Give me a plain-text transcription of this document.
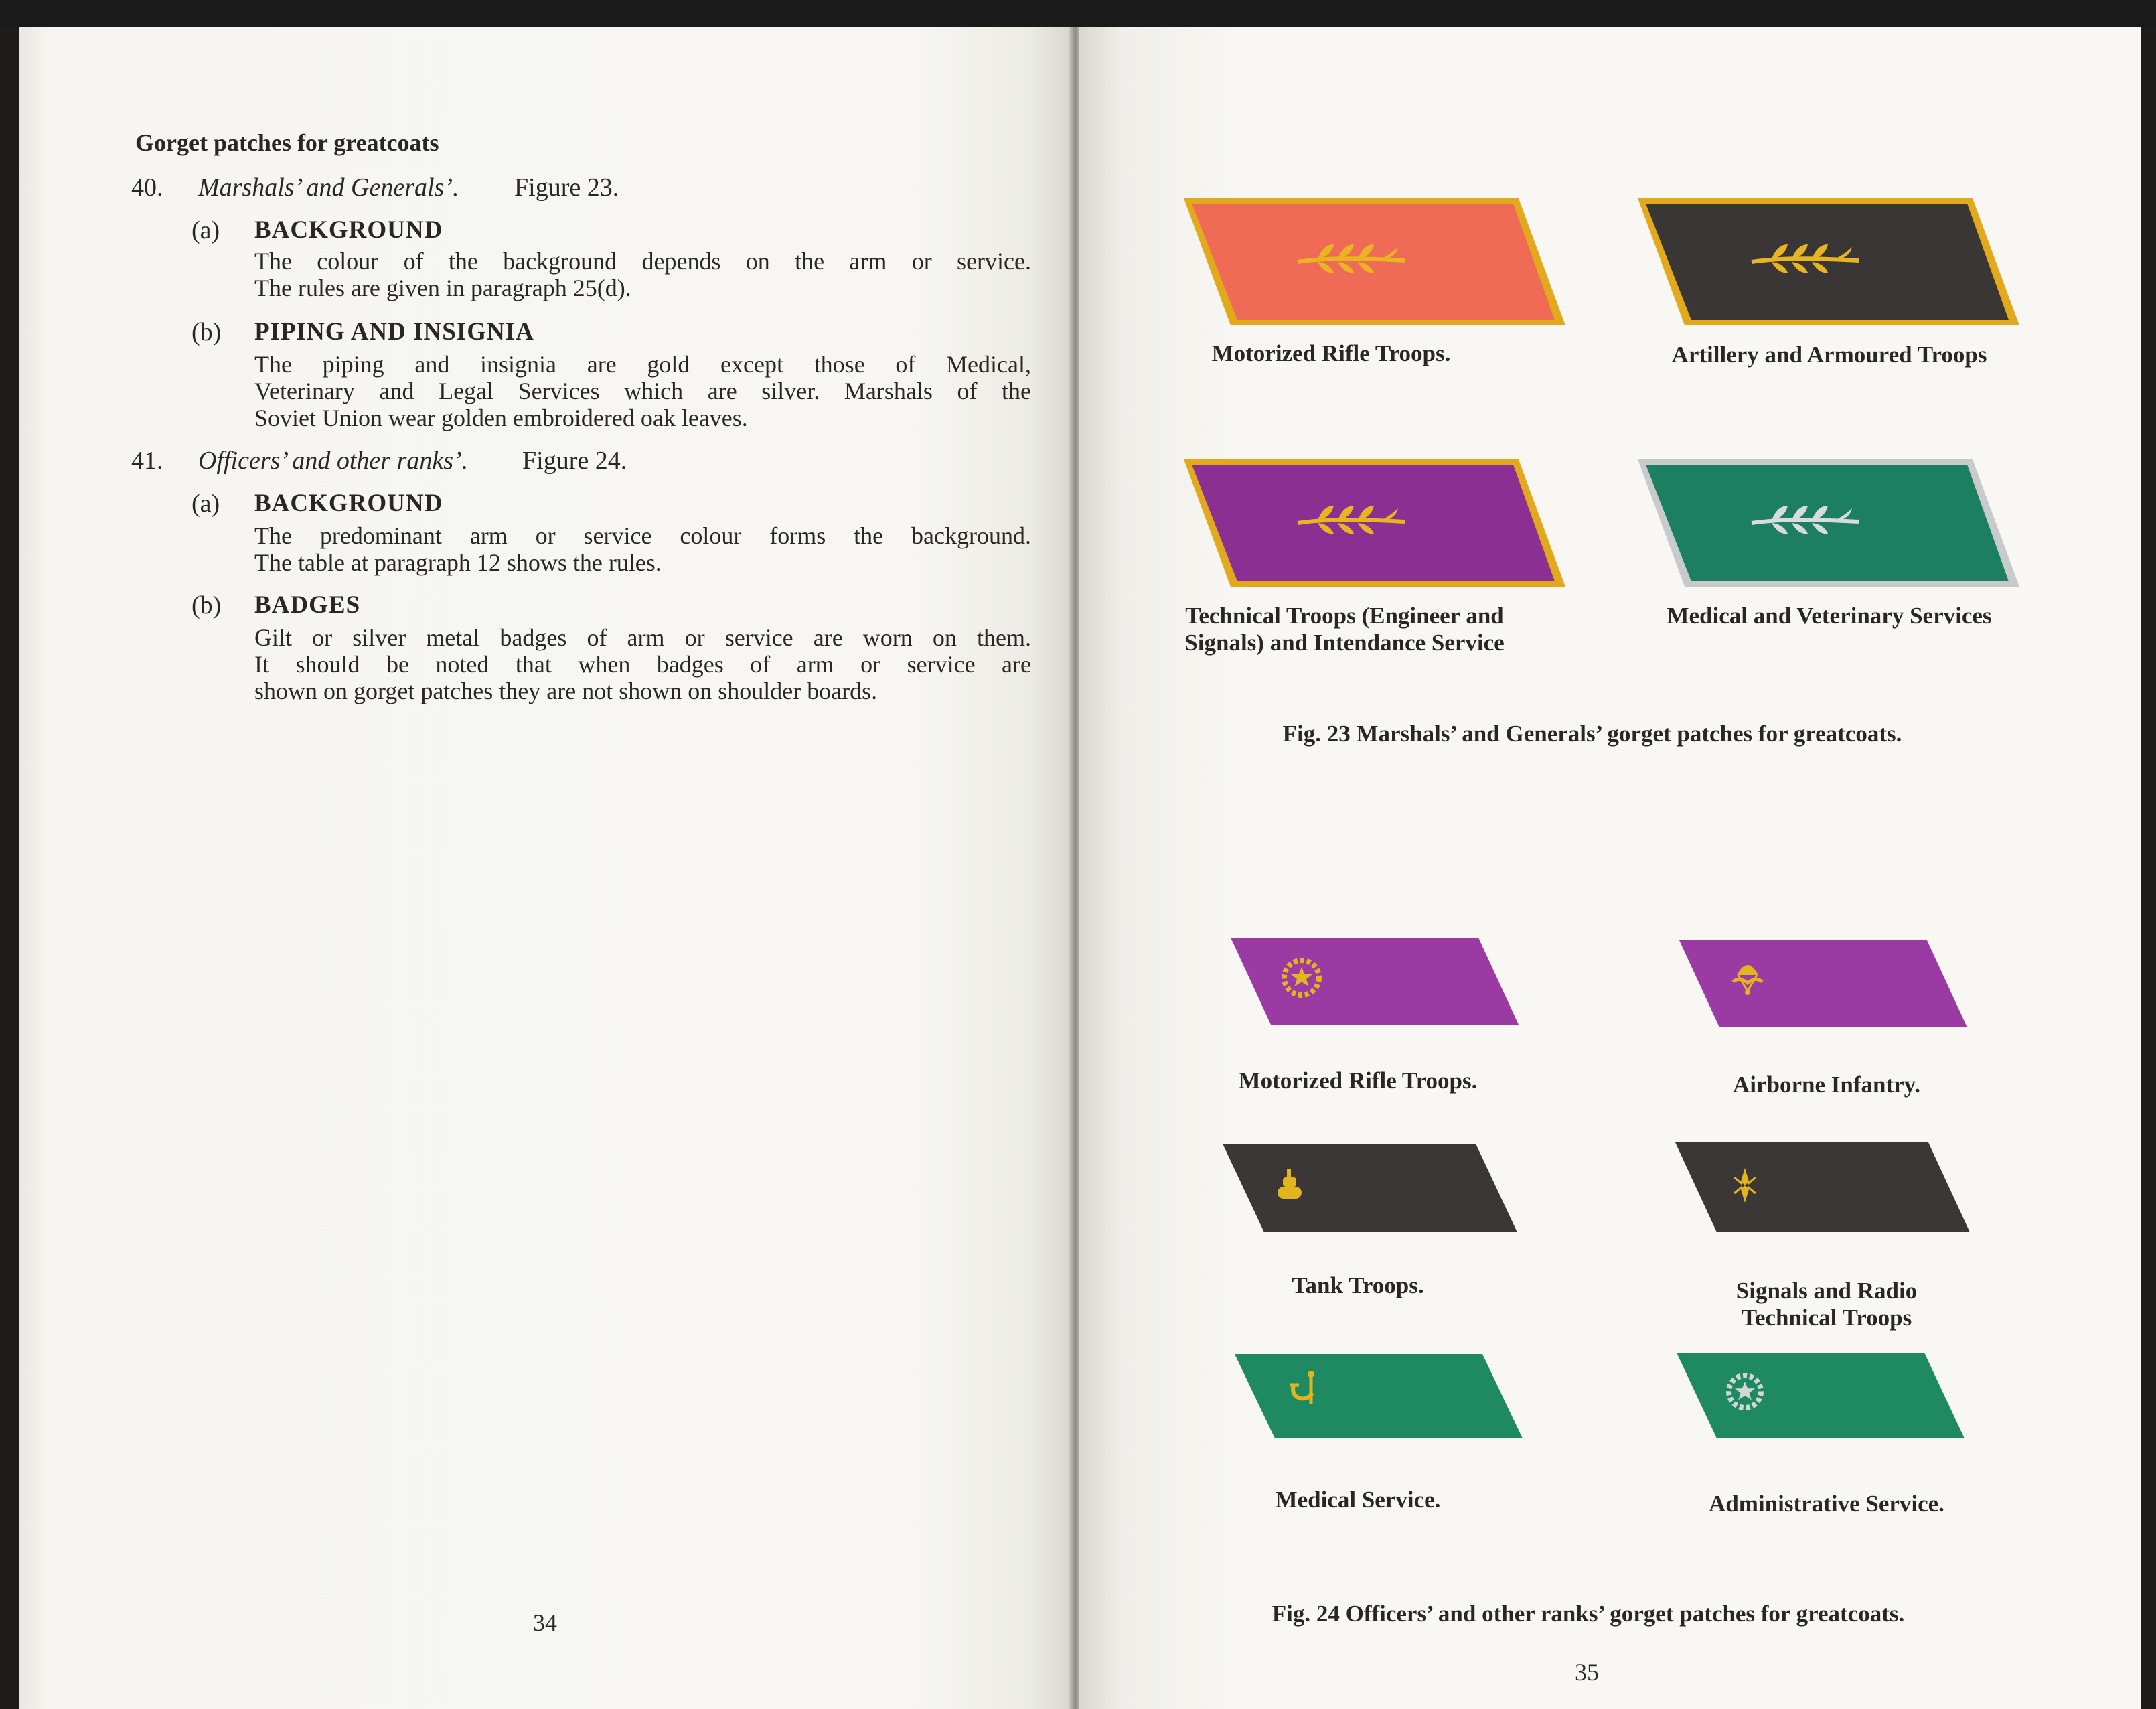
Gorget patches for greatcoats
40. Marshals’ and Generals’. Figure 23.
(a) BACKGROUND
The colour of the background depends on the arm or service.
The rules are given in paragraph 25(d).
(b) PIPING AND INSIGNIA
The piping and insignia are gold except those of Medical,
Veterinary and Legal Services which are silver. Marshals of the
Soviet Union wear golden embroidered oak leaves.
41. Officers’ and other ranks’. Figure 24.
(a) BACKGROUND
The predominant arm or service colour forms the background.
The table at paragraph 12 shows the rules.
(b) BADGES
Gilt or silver metal badges of arm or service are worn on them.
It should be noted that when badges of arm or service are
shown on gorget patches they are not shown on shoulder boards.
34
Motorized Rifle Troops.	Artillery and Armoured Troops
Technical Troops (Engineer and
Signals) and Intendance Service
Medical and Veterinary Services
Fig. 23 Marshals’ and Generals’ gorget patches for greatcoats.
Motorized Rifle Troops.	Airborne Infantry.
Tank Troops.	Signals and Radio
Technical Troops
Medical Service.	Administrative Service.
Fig. 24 Officers’ and other ranks’ gorget patches for greatcoats.
35
